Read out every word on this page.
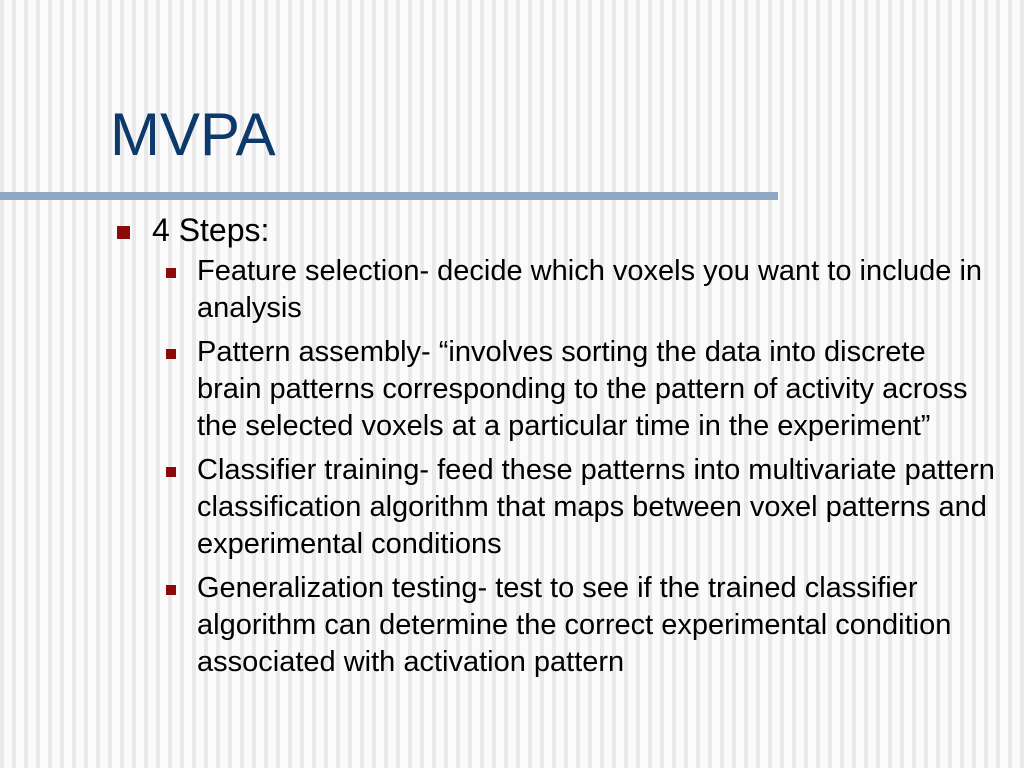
MVPA
4 Steps:
Feature selection- decide which voxels you want to include in analysis
Pattern assembly- “involves sorting the data into discrete brain patterns corresponding to the pattern of activity across the selected voxels at a particular time in the experiment”
Classifier training- feed these patterns into multivariate pattern classification algorithm that maps between voxel patterns and experimental conditions
Generalization testing- test to see if the trained classifier algorithm can determine the correct experimental condition associated with activation pattern
